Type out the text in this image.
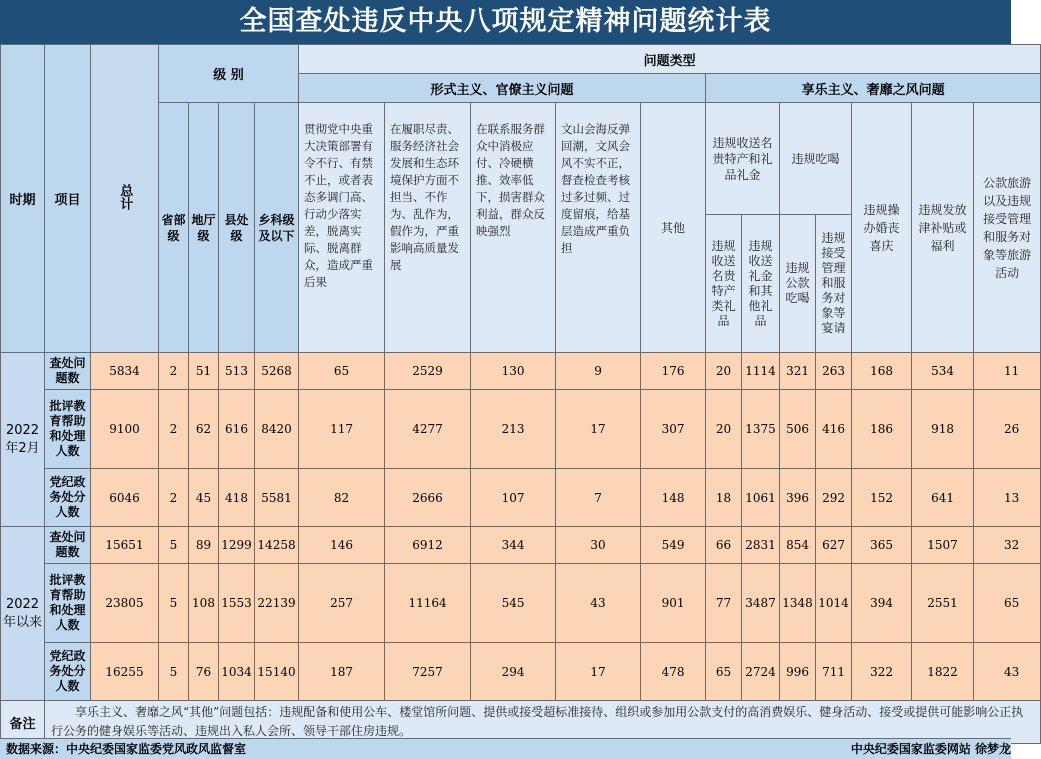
全国查处违反中央八项规定精神问题统计表
时期	项目	总计	级 别				问题类型											
							形式主义、官僚主义问题					享乐主义、奢靡之风问题						

			省部级	地厅级	县处级	乡科级及以下	贯彻党中央重大决策部署有令不行、有禁不止，或者表态多调门高、行动少落实差，脱离实际、脱离群众，造成严重后果	在履职尽责、服务经济社会发展和生态环境保护方面不担当、不作为、乱作为，假作为，严重影响高质量发展	在联系服务群众中消极应付、冷硬横推、效率低下，损害群众利益，群众反映强烈	文山会海反弹回潮，文风会风不实不正，督查检查考核过多过频、过度留痕，给基层造成严重负担	其他	违规收送名贵特产和礼品礼金		违规吃喝		违规操办婚丧喜庆	违规发放津补贴或福利	公款旅游以及违规接受管理和服务对象等旅游活动
												违规收送名贵特产类礼品	违规收送礼金和其他礼品	违规公款吃喝	违规接受管理和服务对象等宴请			

2022年2月	查处问题数	5834	2	51	513	5268	65	2529	130	9	176	20	1114	321	263	168	534	11
	批评教育帮助和处理人数	9100	2	62	616	8420	117	4277	213	17	307	20	1375	506	416	186	918	26
	党纪政务处分人数	6046	2	45	418	5581	82	2666	107	7	148	18	1061	396	292	152	641	13
2022年以来	查处问题数	15651	5	89	1299	14258	146	6912	344	30	549	66	2831	854	627	365	1507	32
	批评教育帮助和处理人数	23805	5	108	1553	22139	257	11164	545	43	901	77	3487	1348	1014	394	2551	65
	党纪政务处分人数	16255	5	76	1034	15140	187	7257	294	17	478	65	2724	996	711	322	1822	43
备注	享乐主义、奢靡之风“其他”问题包括：违规配备和使用公车、楼堂馆所问题、提供或接受超标准接待、组织或参加用公款支付的高消费娱乐、健身活动、接受或提供可能影响公正执行公务的健身娱乐等活动、违规出入私人会所、领导干部住房违规。																	
数据来源：中央纪委国家监委党风政风监督室	中央纪委国家监委网站 徐梦龙
